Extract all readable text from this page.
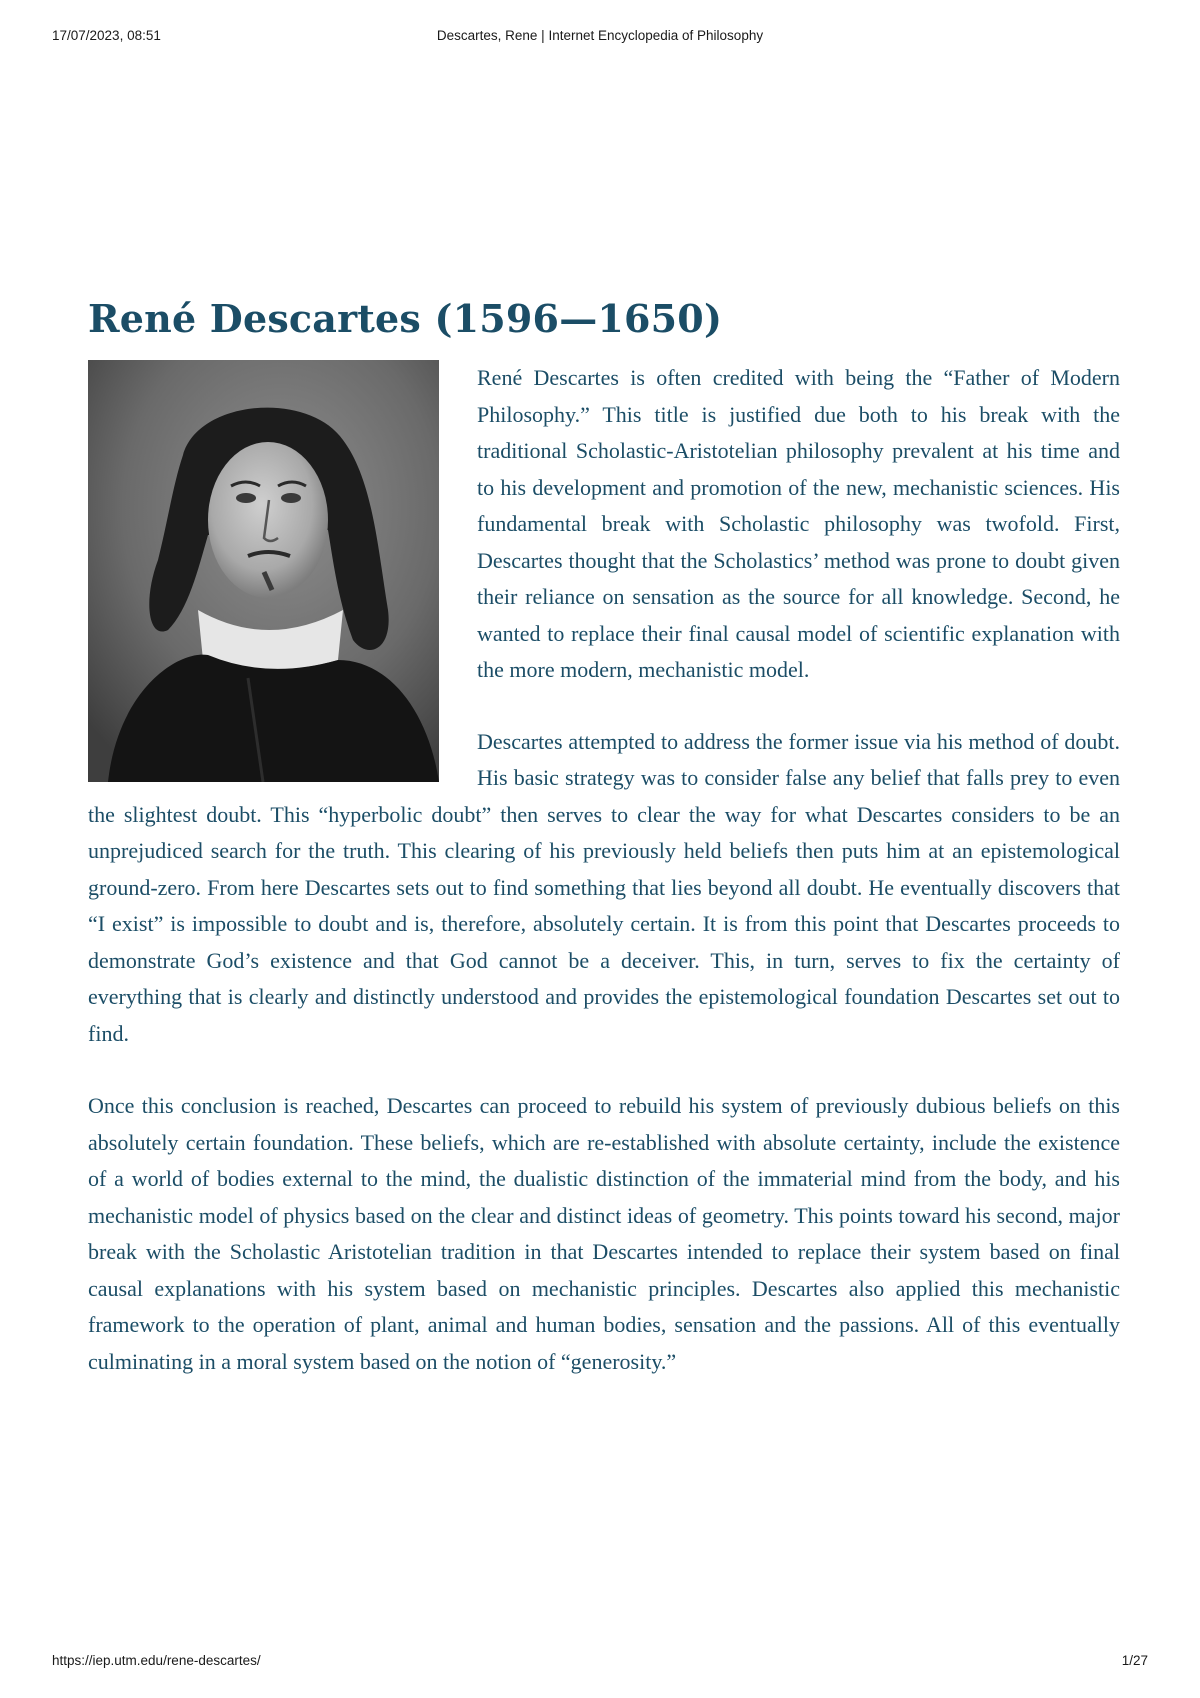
17/07/2023, 08:51	Descartes, Rene | Internet Encyclopedia of Philosophy
René Descartes (1596—1650)

René Descartes is often credited with being the “Father of Modern Philosophy.” This title is justified due both to his break with the traditional Scholastic-Aristotelian philosophy prevalent at his time and to his development and promotion of the new, mechanistic sciences. His fundamental break with Scholastic philosophy was twofold. First, Descartes thought that the Scholastics’ method was prone to doubt given their reliance on sensation as the source for all knowledge. Second, he wanted to replace their final causal model of scientific explanation with the more modern, mechanistic model.

Descartes attempted to address the former issue via his method of doubt. His basic strategy was to consider false any belief that falls prey to even the slightest doubt. This “hyperbolic doubt” then serves to clear the way for what Descartes considers to be an unprejudiced search for the truth. This clearing of his previously held beliefs then puts him at an epistemological ground-zero. From here Descartes sets out to find something that lies beyond all doubt. He eventually discovers that “I exist” is impossible to doubt and is, therefore, absolutely certain. It is from this point that Descartes proceeds to demonstrate God’s existence and that God cannot be a deceiver. This, in turn, serves to fix the certainty of everything that is clearly and distinctly understood and provides the epistemological foundation Descartes set out to find.

Once this conclusion is reached, Descartes can proceed to rebuild his system of previously dubious beliefs on this absolutely certain foundation. These beliefs, which are re-established with absolute certainty, include the existence of a world of bodies external to the mind, the dualistic distinction of the immaterial mind from the body, and his mechanistic model of physics based on the clear and distinct ideas of geometry. This points toward his second, major break with the Scholastic Aristotelian tradition in that Descartes intended to replace their system based on final causal explanations with his system based on mechanistic principles. Descartes also applied this mechanistic framework to the operation of plant, animal and human bodies, sensation and the passions. All of this eventually culminating in a moral system based on the notion of “generosity.”

https://iep.utm.edu/rene-descartes/	1/27
